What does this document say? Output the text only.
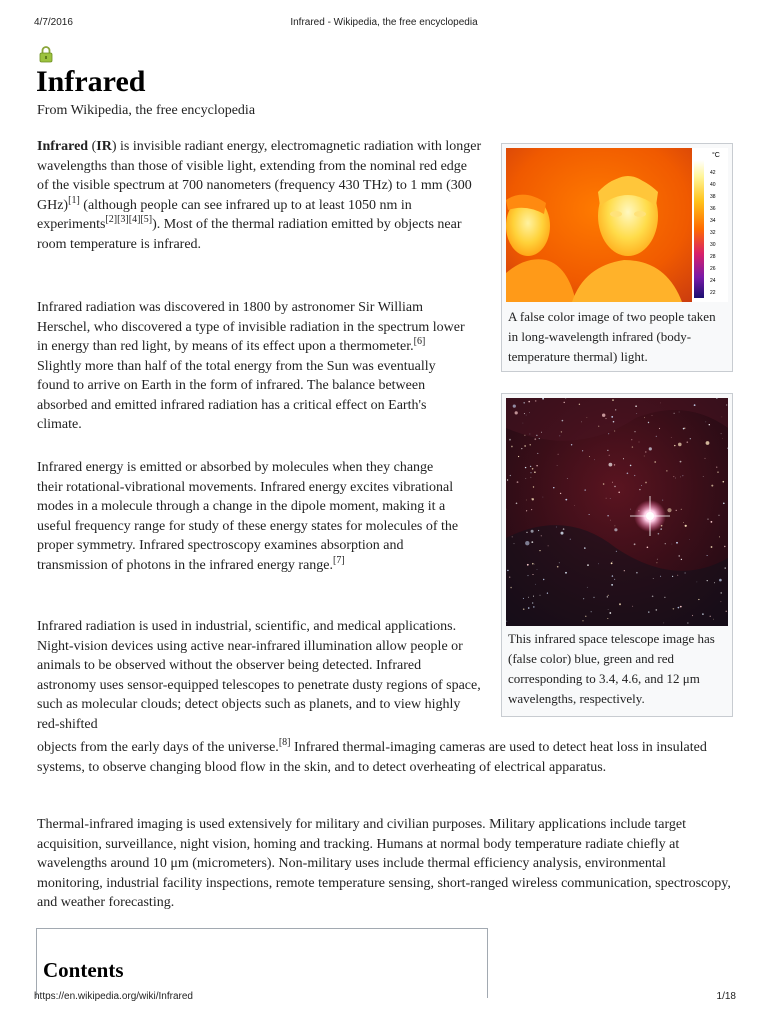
4/7/2016	Infrared - Wikipedia, the free encyclopedia
Infrared

From Wikipedia, the free encyclopedia

Infrared (IR) is invisible radiant energy, electromagnetic radiation with longer wavelengths than those of visible light, extending from the nominal red edge of the visible spectrum at 700 nanometers (frequency 430 THz) to 1 mm (300 GHz)[1] (although people can see infrared up to at least 1050 nm in experiments[2][3][4][5]). Most of the thermal radiation emitted by objects near room temperature is infrared.

Infrared radiation was discovered in 1800 by astronomer Sir William Herschel, who discovered a type of invisible radiation in the spectrum lower in energy than red light, by means of its effect upon a thermometer.[6] Slightly more than half of the total energy from the Sun was eventually found to arrive on Earth in the form of infrared. The balance between absorbed and emitted infrared radiation has a critical effect on Earth's climate.

Infrared energy is emitted or absorbed by molecules when they change their rotational-vibrational movements. Infrared energy excites vibrational modes in a molecule through a change in the dipole moment, making it a useful frequency range for study of these energy states for molecules of the proper symmetry. Infrared spectroscopy examines absorption and transmission of photons in the infrared energy range.[7]

Infrared radiation is used in industrial, scientific, and medical applications. Night-vision devices using active near-infrared illumination allow people or animals to be observed without the observer being detected. Infrared astronomy uses sensor-equipped telescopes to penetrate dusty regions of space, such as molecular clouds; detect objects such as planets, and to view highly red-shifted

objects from the early days of the universe.[8] Infrared thermal-imaging cameras are used to detect heat loss in insulated systems, to observe changing blood flow in the skin, and to detect overheating of electrical apparatus.

Thermal-infrared imaging is used extensively for military and civilian purposes. Military applications include target acquisition, surveillance, night vision, homing and tracking. Humans at normal body temperature radiate chiefly at wavelengths around 10 μm (micrometers). Non-military uses include thermal efficiency analysis, environmental monitoring, industrial facility inspections, remote temperature sensing, short-ranged wireless communication, spectroscopy, and weather forecasting.

°C
42
40
38
36
34
32
30
28
26
24
22

A false color image of two people taken in long-wavelength infrared (body-temperature thermal) light.

This infrared space telescope image has (false color) blue, green and red corresponding to 3.4, 4.6, and 12 μm wavelengths, respectively.

Contents
https://en.wikipedia.org/wiki/Infrared	1/18
